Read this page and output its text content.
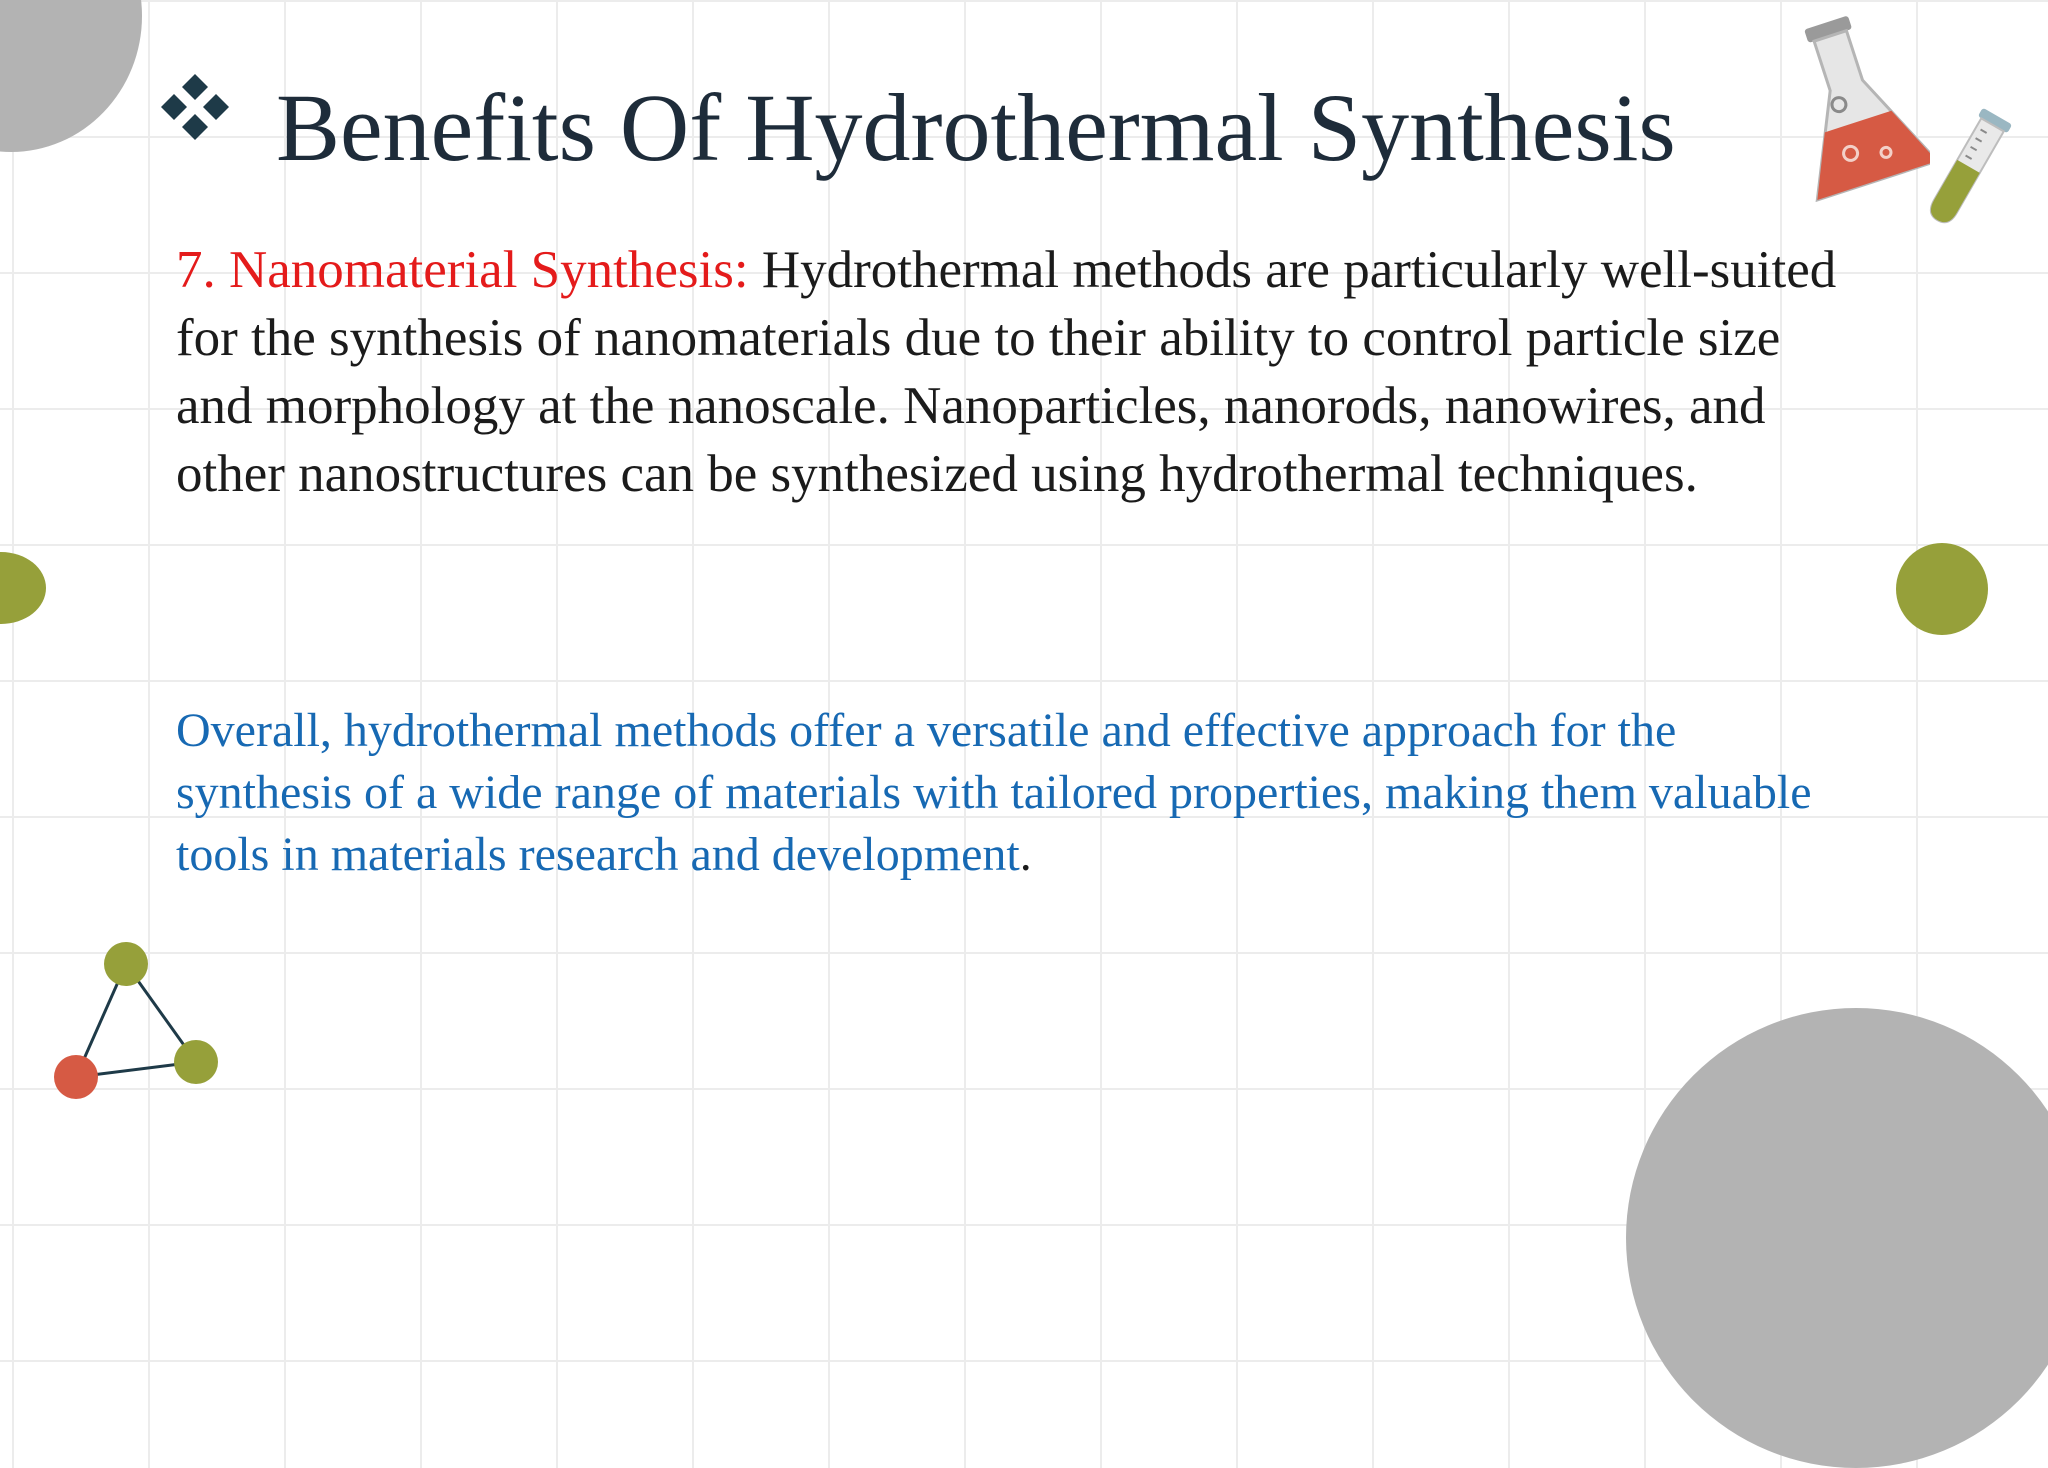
Benefits Of Hydrothermal Synthesis

7. Nanomaterial Synthesis: Hydrothermal methods are particularly well-suited for the synthesis of nanomaterials due to their ability to control particle size and morphology at the nanoscale. Nanoparticles, nanorods, nanowires, and other nanostructures can be synthesized using hydrothermal techniques.

Overall, hydrothermal methods offer a versatile and effective approach for the synthesis of a wide range of materials with tailored properties, making them valuable tools in materials research and development.
